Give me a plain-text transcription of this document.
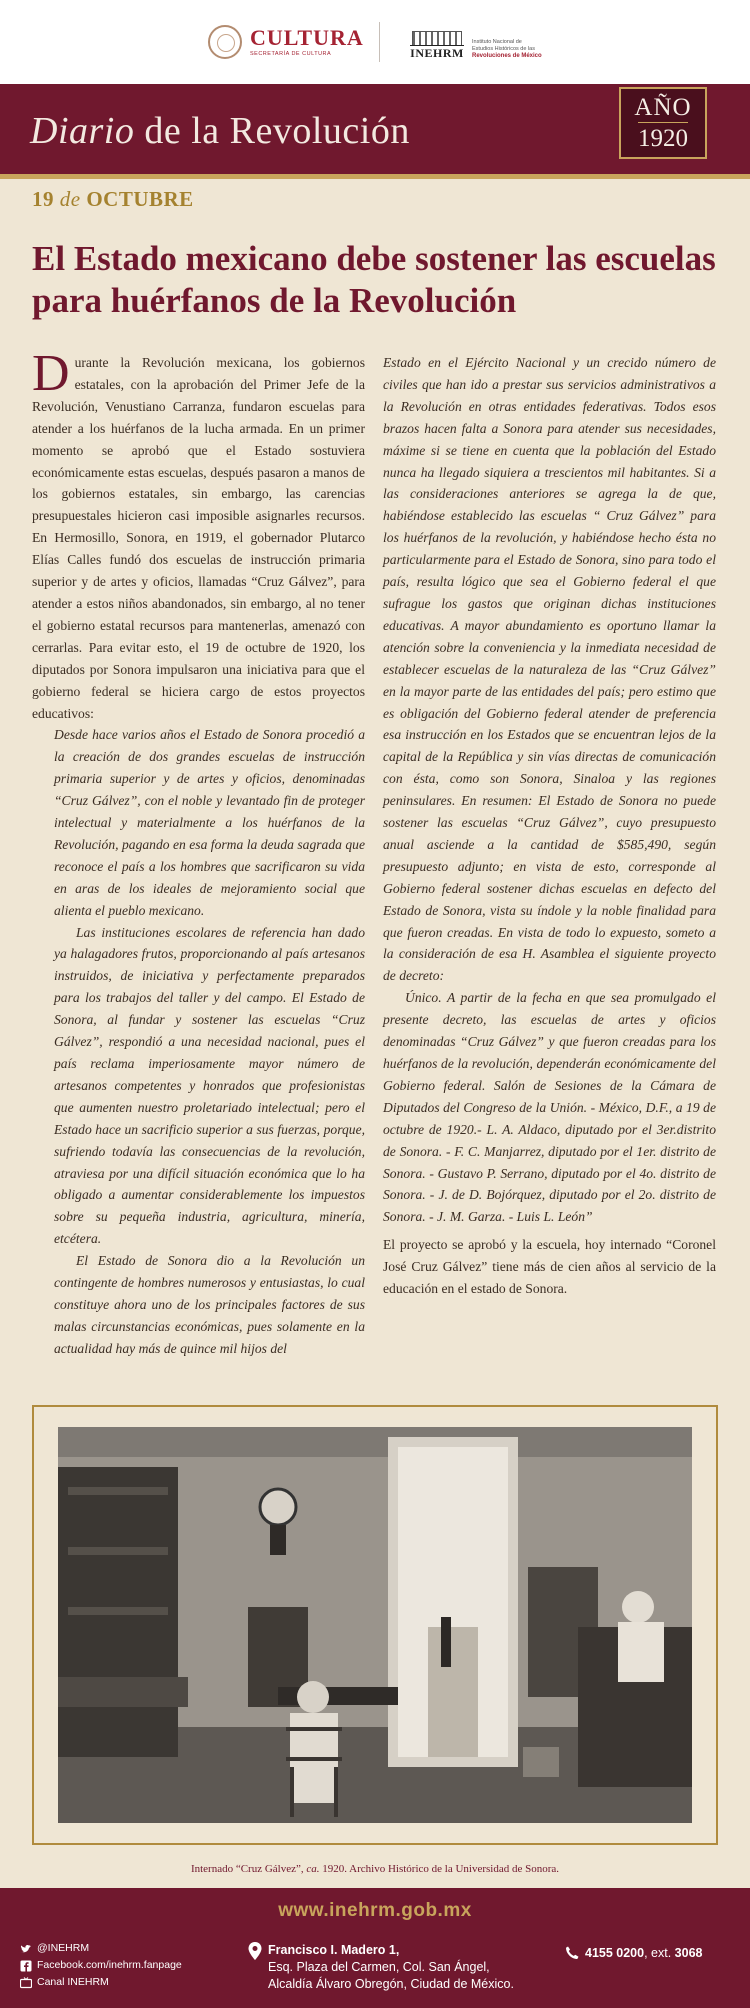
CULTURA
SECRETARÍA DE CULTURA	INEHRM
Instituto Nacional de
Estudios Históricos de las
Revoluciones de México
Diario de la Revolución
AÑO
1920
19 de OCTUBRE
El Estado mexicano debe sostener las escuelas para huérfanos de la Revolución

Durante la Revolución mexicana, los gobiernos estatales, con la aprobación del Primer Jefe de la Revolución, Venustiano Carranza, fundaron escuelas para atender a los huérfanos de la lucha armada. En un primer momento se aprobó que el Estado sostuviera económicamente estas escuelas, después pasaron a manos de los gobiernos estatales, sin embargo, las carencias presupuestales hicieron casi imposible asignarles recursos. En Hermosillo, Sonora, en 1919, el gobernador Plutarco Elías Calles fundó dos escuelas de instrucción primaria superior y de artes y oficios, llamadas “Cruz Gálvez”, para atender a estos niños abandonados, sin embargo, al no tener el gobierno estatal recursos para mantenerlas, amenazó con cerrarlas. Para evitar esto, el 19 de octubre de 1920, los diputados por Sonora impulsaron una iniciativa para que el gobierno federal se hiciera cargo de estos proyectos educativos:

Desde hace varios años el Estado de Sonora procedió a la creación de dos grandes escuelas de instrucción primaria superior y de artes y oficios, denominadas “Cruz Gálvez”, con el noble y levantado fin de proteger intelectual y materialmente a los huérfanos de la Revolución, pagando en esa forma la deuda sagrada que reconoce el país a los hombres que sacrificaron su vida en aras de los ideales de mejoramiento social que alienta el pueblo mexicano.

Las instituciones escolares de referencia han dado ya halagadores frutos, proporcionando al país artesanos instruidos, de iniciativa y perfectamente preparados para los trabajos del taller y del campo. El Estado de Sonora, al fundar y sostener las escuelas “Cruz Gálvez”, respondió a una necesidad nacional, pues el país reclama imperiosamente mayor número de artesanos competentes y honrados que profesionistas que aumenten nuestro proletariado intelectual; pero el Estado hace un sacrificio superior a sus fuerzas, porque, sufriendo todavía las consecuencias de la revolución, atraviesa por una difícil situación económica que lo ha obligado a aumentar considerablemente los impuestos sobre su pequeña industria, agricultura, minería, etcétera.

El Estado de Sonora dio a la Revolución un contingente de hombres numerosos y entusiastas, lo cual constituye ahora uno de los principales factores de sus malas circunstancias económicas, pues solamente en la actualidad hay más de quince mil hijos del

Estado en el Ejército Nacional y un crecido número de civiles que han ido a prestar sus servicios administrativos a la Revolución en otras entidades federativas. Todos esos brazos hacen falta a Sonora para atender sus necesidades, máxime si se tiene en cuenta que la población del Estado nunca ha llegado siquiera a trescientos mil habitantes. Si a las consideraciones anteriores se agrega la de que, habiéndose establecido las escuelas “ Cruz Gálvez” para los huérfanos de la revolución, y habiéndose hecho ésta no particularmente para el Estado de Sonora, sino para todo el país, resulta lógico que sea el Gobierno federal el que sufrague los gastos que originan dichas instituciones educativas. A mayor abundamiento es oportuno llamar la atención sobre la conveniencia y la inmediata necesidad de establecer escuelas de la naturaleza de las “Cruz Gálvez” en la mayor parte de las entidades del país; pero estimo que es obligación del Gobierno federal atender de preferencia esa instrucción en los Estados que se encuentran lejos de la capital de la República y sin vías directas de comunicación con ésta, como son Sonora, Sinaloa y las regiones peninsulares. En resumen: El Estado de Sonora no puede sostener las escuelas “Cruz Gálvez”, cuyo presupuesto anual asciende a la cantidad de $585,490, según presupuesto adjunto; en vista de esto, corresponde al Gobierno federal sostener dichas escuelas en defecto del Estado de Sonora, vista su índole y la noble finalidad para que fueron creadas. En vista de todo lo expuesto, someto a la consideración de esa H. Asamblea el siguiente proyecto de decreto:

Único. A partir de la fecha en que sea promulgado el presente decreto, las escuelas de artes y oficios denominadas “Cruz Gálvez” y que fueron creadas para los huérfanos de la revolución, dependerán económicamente del Gobierno federal. Salón de Sesiones de la Cámara de Diputados del Congreso de la Unión. - México, D.F., a 19 de octubre de 1920.- L. A. Aldaco, diputado por el 3er.distrito de Sonora. - F. C. Manjarrez, diputado por el 1er. distrito de Sonora. - Gustavo P. Serrano, diputado por el 4o. distrito de Sonora. - J. de D. Bojórquez, diputado por el 2o. distrito de Sonora. - J. M. Garza. - Luis L. León”

El proyecto se aprobó y la escuela, hoy internado “Coronel José Cruz Gálvez” tiene más de cien años al servicio de la educación en el estado de Sonora.

Internado “Cruz Gálvez”, ca. 1920. Archivo Histórico de la Universidad de Sonora.
www.inehrm.gob.mx
@INEHRM
Facebook.com/inehrm.fanpage
Canal INEHRM
Francisco I. Madero 1,
Esq. Plaza del Carmen, Col. San Ángel,
Alcaldía Álvaro Obregón, Ciudad de México.
4155 0200, ext. 3068
